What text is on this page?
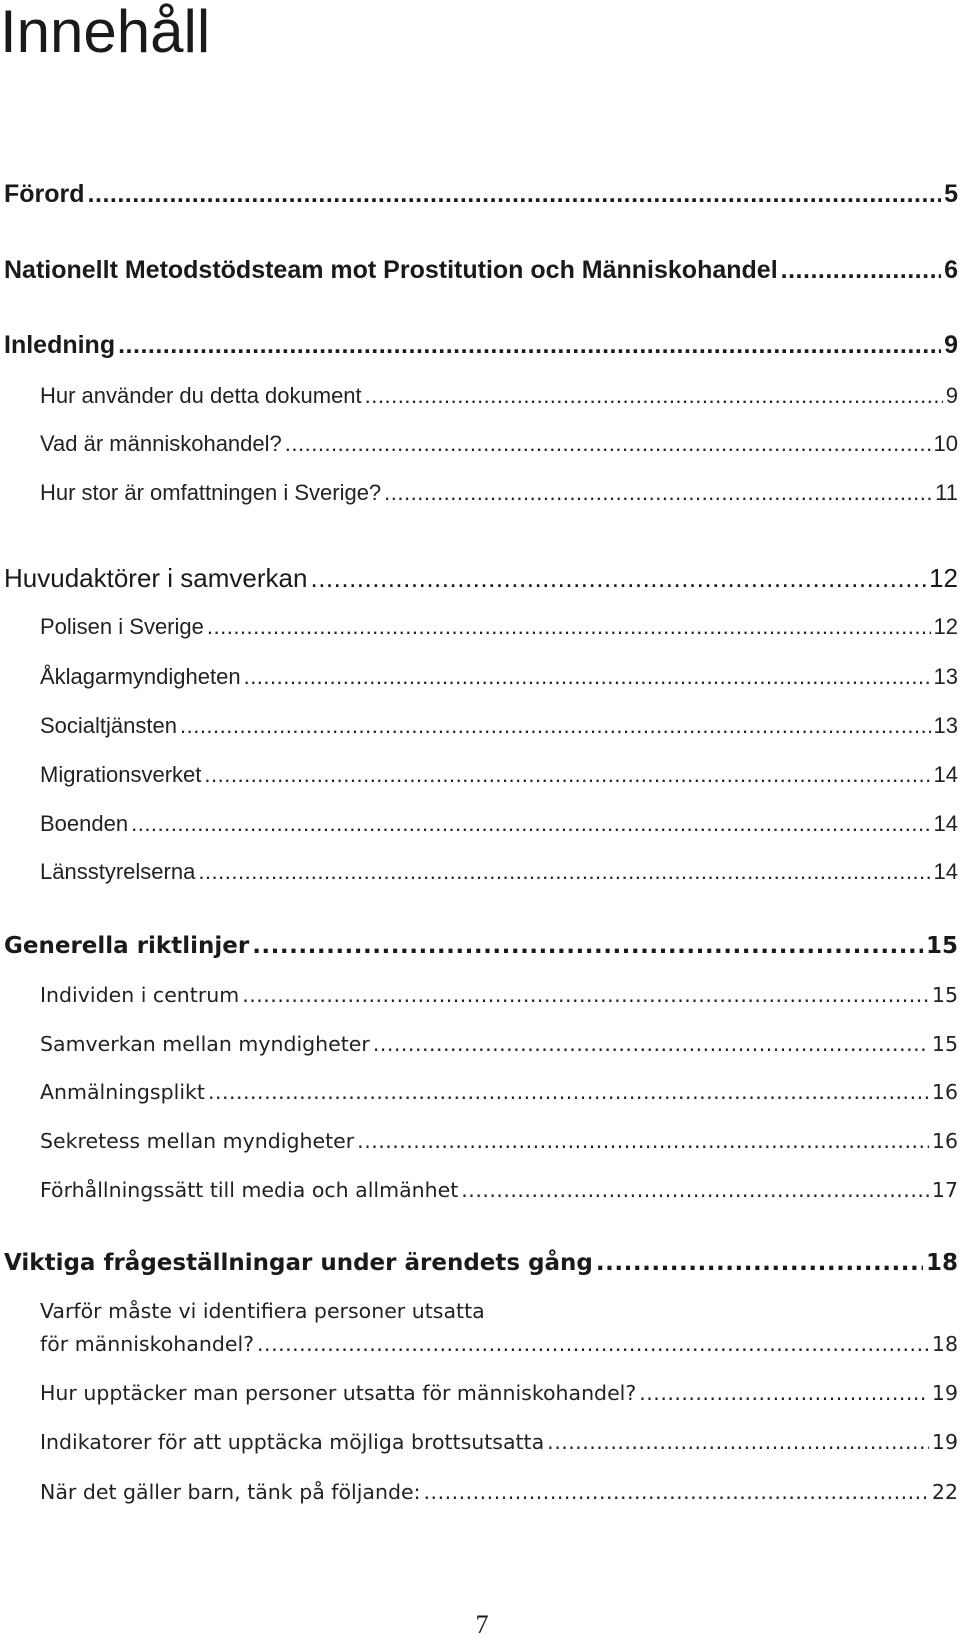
Innehåll
Förord .....	5
Nationellt Metodstödsteam mot Prostitution och Människohandel .....	6
Inledning .....	9
Hur använder du detta dokument .....	9
Vad är människohandel? .....	10
Hur stor är omfattningen i Sverige? .....	11
Huvudaktörer i samverkan .....	12
Polisen i Sverige .....	12
Åklagarmyndigheten .....	13
Socialtjänsten .....	13
Migrationsverket .....	14
Boenden .....	14
Länsstyrelserna .....	14
Generella riktlinjer .....	15
Individen i centrum .....	15
Samverkan mellan myndigheter .....	15
Anmälningsplikt .....	16
Sekretess mellan myndigheter .....	16
Förhållningssätt till media och allmänhet .....	17
Viktiga frågeställningar under ärendets gång .....	18
Varför måste vi identifiera personer utsatta
för människohandel? .....	18
Hur upptäcker man personer utsatta för människohandel? .....	19
Indikatorer för att upptäcka möjliga brottsutsatta .....	19
När det gäller barn, tänk på följande: .....	22
7
